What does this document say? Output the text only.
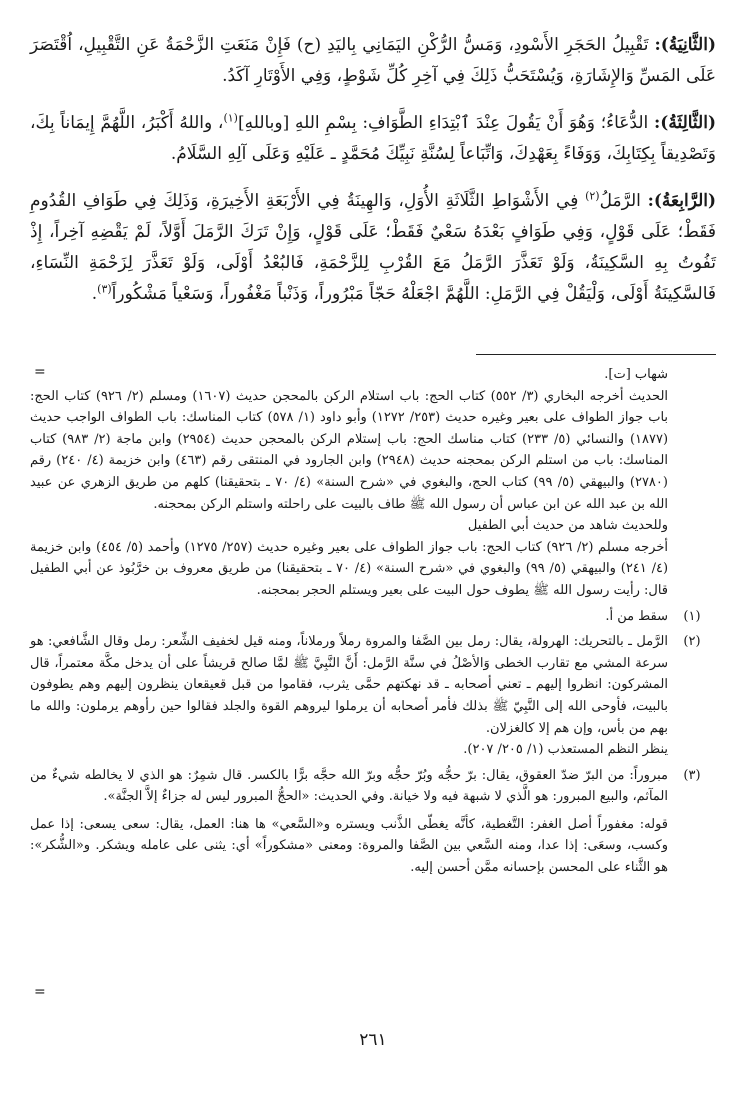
(الثَّانِيَةُ): تَقْبِيلُ الحَجَرِ الأَسْودِ، وَمَسُّ الرُّكْنِ اليَمَانِي بِاليَدِ (ح) فَإِنْ مَنَعَتِ الزَّحْمَةُ عَنِ التَّقْبِيلِ، اُقْتَصَرَ عَلَى المَسِّ وَالإِشَارَةِ، وَيُسْتَحَبُّ ذَلِكَ فِي آخِرِ كُلِّ شَوْطٍ، وَفِي الأَوْتَارِ آكَدُ.

(الثَّالِثَةُ): الدُّعَاءُ؛ وَهُوَ أَنْ يَقُولَ عِنْدَ ٱبْتِدَاءِ الطَّوَافِ: بِسْمِ اللهِ [وباللهِ]$^{(١)}$، واللهُ أَكْبَرُ، اللَّهُمَّ إِيمَاناً بِكَ، وَتَصْدِيقاً بِكِتَابِكَ، وَوَفَاءً بِعَهْدِكَ، وَاتِّبَاعاً لِسُنَّةِ نَبِيِّكَ مُحَمَّدٍ ـ عَلَيْهِ وَعَلَى آلِهِ السَّلَامُ.

(الرَّابِعَةُ): الرَّمَلُ$^{(٢)}$ فِي الأَشْوَاطِ الثَّلَاثَةِ الأُوَلِ، وَالهِينَةُ فِي الأَرْبَعَةِ الأَخِيرَةِ، وَذَلِكَ فِي طَوَافِ القُدُومِ فَقَطْ؛ عَلَى قَوْلٍ، وَفِي طَوَافٍ بَعْدَهُ سَعْيٌ فَقَطْ؛ عَلَى قَوْلٍ، وَإِنْ تَرَكَ الرَّمَلَ أَوَّلاً، لَمْ يَقْضِهِ آخِراً، إِذْ تَفُوتُ بِهِ السَّكِينَةُ، وَلَوْ تَعَذَّرَ الرَّمَلُ مَعَ القُرْبِ لِلزَّحْمَةِ، فَالبُعْدُ أَوْلَى، وَلَوْ تَعَذَّرَ لِزَحْمَةِ النِّسَاءِ، فَالسَّكِينَةُ أَوْلَى، وَلْيَقُلْ فِي الرَّمَلِ: اللَّهُمَّ اجْعَلْهُ حَجّاً مَبْرُوراً، وَذَنْباً مَغْفُوراً، وَسَعْياً مَشْكُوراً$^{(٣)}$.

=	شهاب [ت].

الحديث أخرجه البخاري (٣/ ٥٥٢) كتاب الحج: باب استلام الركن بالمحجن حديث (١٦٠٧) ومسلم (٢/ ٩٢٦) كتاب الحج: باب جواز الطواف على بعير وغيره حديث (٢٥٣/ ١٢٧٢) وأبو داود (١/ ٥٧٨) كتاب المناسك: باب الطواف الواجب حديث (١٨٧٧) والنسائي (٥/ ٢٣٣) كتاب مناسك الحج: باب إستلام الركن بالمحجن حديث (٢٩٥٤) وابن ماجة (٢/ ٩٨٣) كتاب المناسك: باب من استلم الركن بمحجنه حديث (٢٩٤٨) وابن الجارود في المنتقى رقم (٤٦٣) وابن خزيمة (٤/ ٢٤٠) رقم (٢٧٨٠) والبيهقي (٥/ ٩٩) كتاب الحج، والبغوي في «شرح السنة» (٤/ ٧٠ ـ بتحقيقنا) كلهم من طريق الزهري عن عبيد الله بن عبد الله عن ابن عباس أن رسول الله ﷺ طاف بالبيت على راحلته واستلم الركن بمحجنه.

وللحديث شاهد من حديث أبي الطفيل

أخرجه مسلم (٢/ ٩٢٦) كتاب الحج: باب جواز الطواف على بعير وغيره حديث (٢٥٧/ ١٢٧٥) وأحمد (٥/ ٤٥٤) وابن خزيمة (٤/ ٢٤١) والبيهقي (٥/ ٩٩) والبغوي في «شرح السنة» (٤/ ٧٠ ـ بتحقيقنا) من طريق معروف بن خرَّبُوذ عن أبي الطفيل قال: رأيت رسول الله ﷺ يطوف حول البيت على بعير ويستلم الحجر بمحجنه.

(١)

سقط من أ.

(٢)

الرَّمل ـ بالتحريك: الهرولة، يقال: رمل بين الصَّفا والمروة رملاً ورملاناً، ومنه قيل لخفيف الشِّعر: رمل وقال الشَّافعي: هو سرعة المشي مع تقارب الخطى وَالأصْلُ في سنَّة الرَّمل: أَنَّ النَّبِيَّ ﷺ لمَّا صالح قريشاً على أن يدخل مكَّة معتمراً، قال المشركون: انظروا إليهم ـ تعني أصحابه ـ قد نهكتهم حمَّى يثرب، فقاموا من قبل قعيقعان ينظرون إليهم وهم يطوفون بالبيت، فأوحى الله إلى النَّبِيّ ﷺ بذلك فأمر أصحابه أن يرملوا ليروهم القوة والجلد فقالوا حين رأوهم يرملون: والله ما بهم من بأس، وإن هم إلا كالغزلان.

ينظر النظم المستعذب (١/ ٢٠٥/ ٢٠٧).

(٣)

مبروراً: من البرّ ضدّ العقوق، يقال: برّ حجُّه وبُرّ حجُّه وبرّ الله حجَّه برًّا بالكسر. قال شمِرٌ: هو الذي لا يخالطه شيءٌ من المآثم، والبيع المبرور: هو الَّذي لا شبهة فيه ولا خيانة. وفي الحديث: «الحجُّ المبرور ليس له جزاءٌ إلاَّ الجنَّة».

قوله: مغفوراً أصل الغفر: التَّغطية، كأنَّه يغطّى الذَّنب ويستره و«السَّعي» ها هنا: العمل، يقال: سعى يسعى: إذا عمل وكسب، وسعَى: إذا عدا، ومنه السَّعي بين الصَّفا والمروة: ومعنى «مشكوراً» أي: يثنى على عامله ويشكر. و«الشُّكر»: هو الثَّناء على المحسن بإحسانه ممَّن أحسن إليه.

=
٢٦١
